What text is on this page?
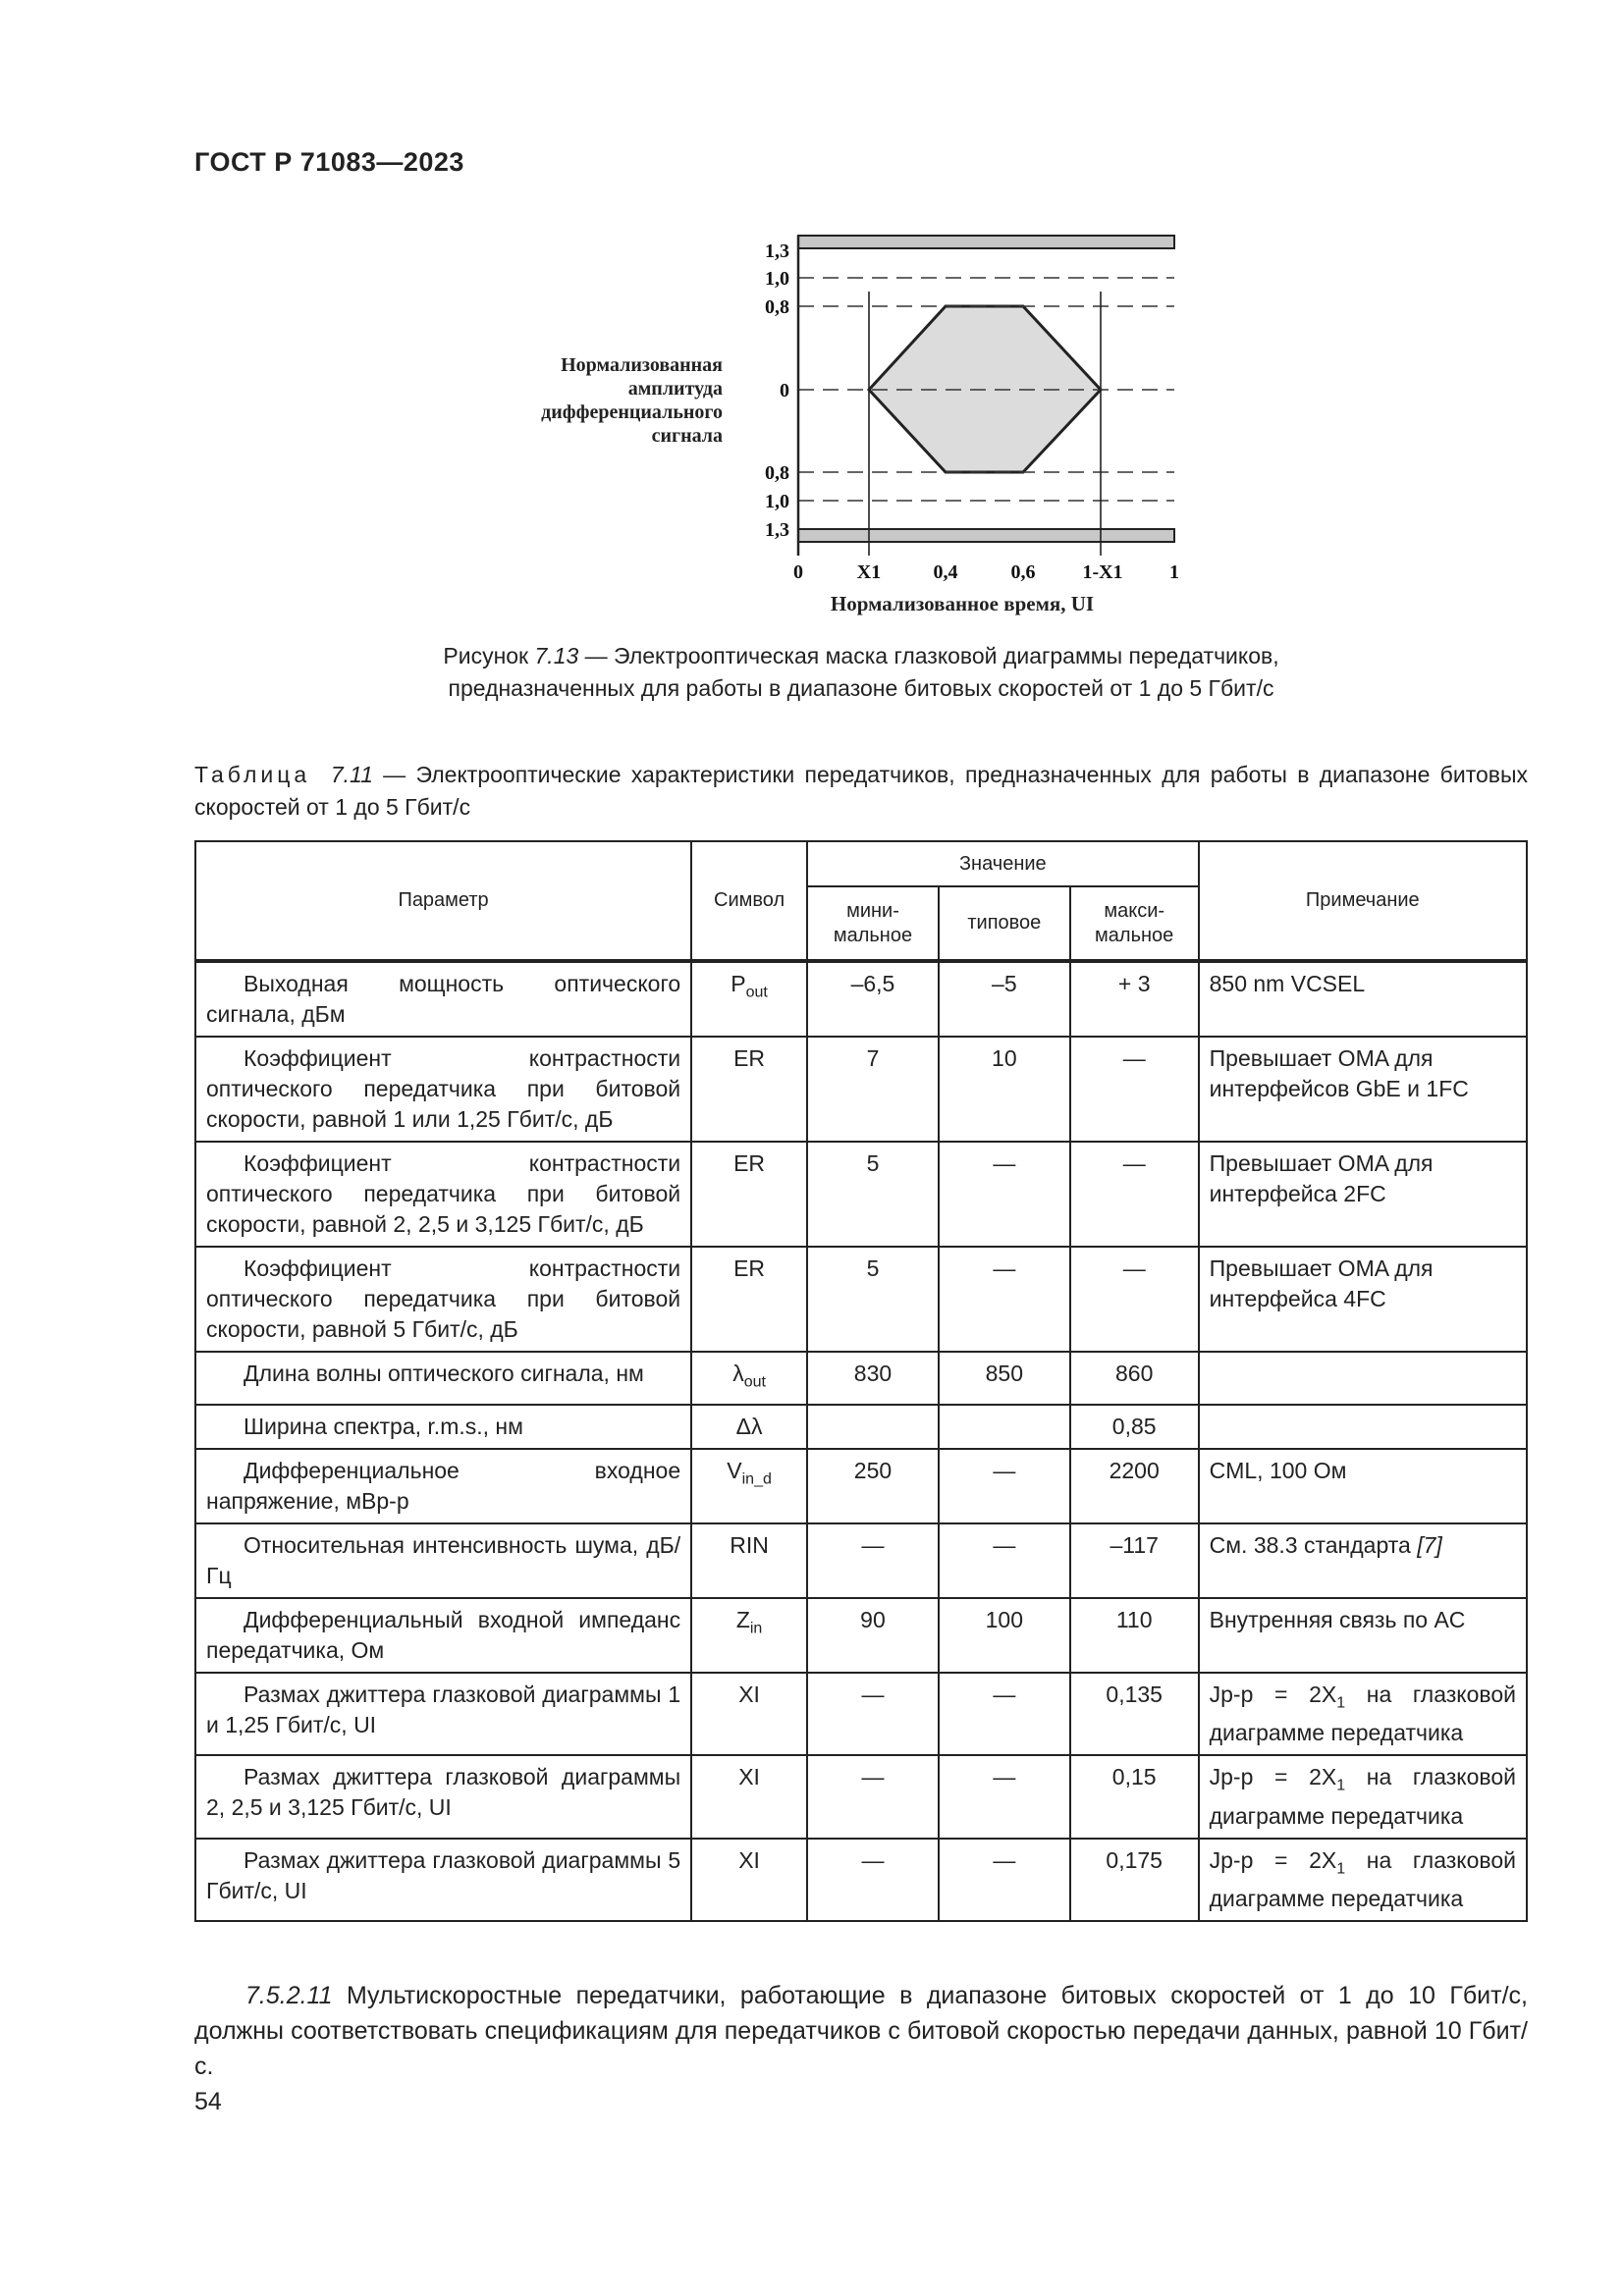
ГОСТ Р 71083—2023
1,3
1,0
0,8
0
0,8
1,0
1,3
0	X1	0,4	0,6 1-X1 1
Нормализованная амплитуда дифференциального сигнала
Нормализованное время, UI
Рисунок 7.13 — Электрооптическая маска глазковой диаграммы передатчиков,
предназначенных для работы в диапазоне битовых скоростей от 1 до 5 Гбит/с
Таблица 7.11 — Электрооптические характеристики передатчиков, предназначенных для работы в диапазоне битовых скоростей от 1 до 5 Гбит/с
Параметр	Символ	Значение			Примечание
		мини-мальное	типовое	макси-мальное	
Выходная мощность оптического сигнала, дБм	$P_{out}$	–6,5	–5	+ 3	850 nm VCSEL
Коэффициент контрастности оптического передатчика при битовой скорости, равной 1 или 1,25 Гбит/с, дБ	ER	7	10	—	Превышает OMA для интерфейсов GbE и 1FC
Коэффициент контрастности оптического передатчика при битовой скорости, равной 2, 2,5 и 3,125 Гбит/с, дБ	ER	5	—	—	Превышает OMA для интерфейса 2FC
Коэффициент контрастности оптического передатчика при битовой скорости, равной 5 Гбит/с, дБ	ER	5	—	—	Превышает OMA для интерфейса 4FC
Длина волны оптического сигнала, нм	$\lambda_{out}$	830	850	860	
Ширина спектра, r.m.s., нм	Δλ			0,85	
Дифференциальное входное напряжение, мВр-р	$V_{in\_d}$	250	—	2200	CML, 100 Ом
Относительная интенсивность шума, дБ/Гц	RIN	—	—	–117	См. 38.3 стандарта [7]
Дифференциальный входной импеданс передатчика, Ом	$Z_{in}$	90	100	110	Внутренняя связь по AC
Размах джиттера глазковой диаграммы 1 и 1,25 Гбит/с, UI	XI	—	—	0,135	$Jp-p = 2X_1$ на глазковой диаграмме передатчика
Размах джиттера глазковой диаграммы 2, 2,5 и 3,125 Гбит/с, UI	XI	—	—	0,15	$Jp-p = 2X_1$ на глазковой диаграмме передатчика
Размах джиттера глазковой диаграммы 5 Гбит/с, UI	XI	—	—	0,175	$Jp-p = 2X_1$ на глазковой диаграмме передатчика
7.5.2.11 Мультискоростные передатчики, работающие в диапазоне битовых скоростей от 1 до 10 Гбит/с, должны соответствовать спецификациям для передатчиков с битовой скоростью передачи данных, равной 10 Гбит/с.
54
